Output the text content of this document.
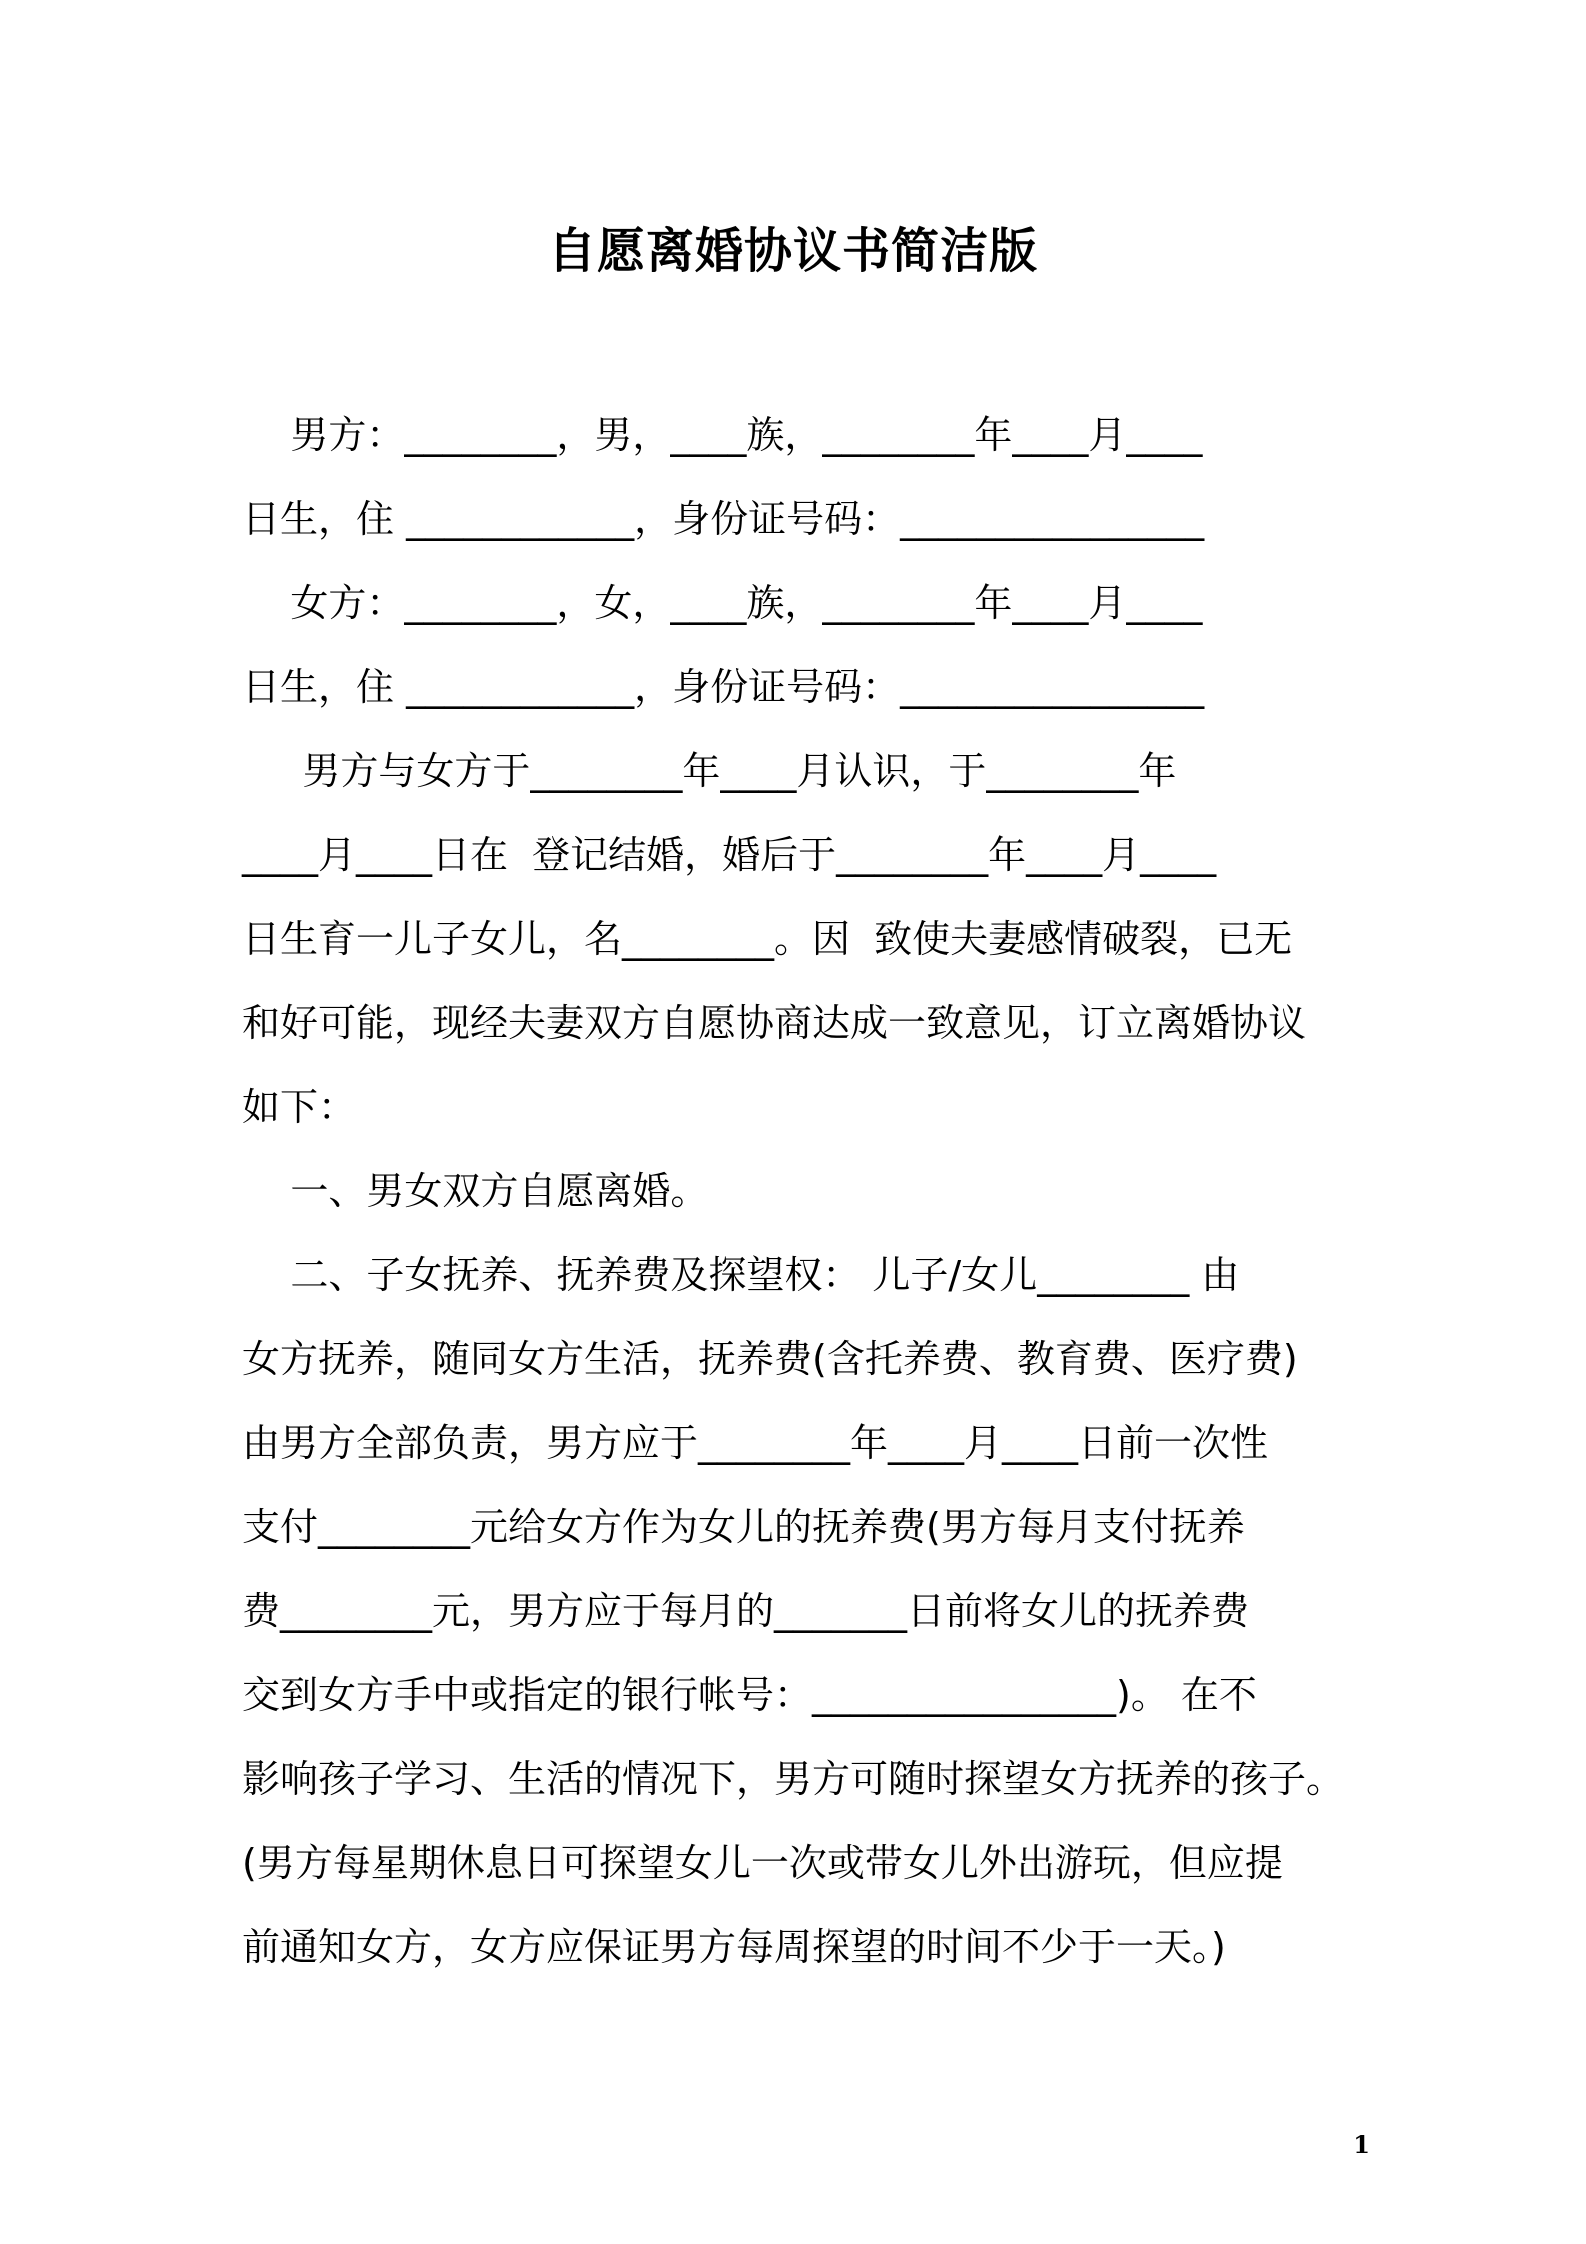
自愿离婚协议书简洁版
男方：________，男，____族，________年____月____
日生，住 ____________，身份证号码：________________
女方：________，女，____族，________年____月____
日生，住 ____________，身份证号码：________________
男方与女方于________年____月认识，于________年
____月____日在  登记结婚，婚后于________年____月____
日生育一儿子女儿，名________。因  致使夫妻感情破裂，已无
和好可能，现经夫妻双方自愿协商达成一致意见，订立离婚协议
如下：
一、男女双方自愿离婚。
二、子女抚养、抚养费及探望权： 儿子/女儿________ 由
女方抚养，随同女方生活，抚养费(含托养费、教育费、医疗费)
由男方全部负责，男方应于________年____月____日前一次性
支付________元给女方作为女儿的抚养费(男方每月支付抚养
费________元，男方应于每月的_______日前将女儿的抚养费
交到女方手中或指定的银行帐号：________________)。 在不
影响孩子学习、生活的情况下，男方可随时探望女方抚养的孩子。
(男方每星期休息日可探望女儿一次或带女儿外出游玩，但应提
前通知女方，女方应保证男方每周探望的时间不少于一天。)
1
